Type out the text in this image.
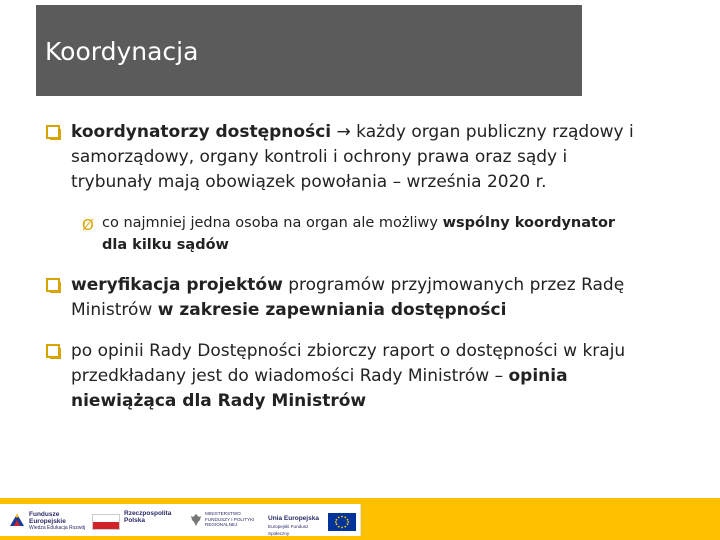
Koordynacja
koordynatorzy dostępności → każdy organ publiczny rządowy i
samorządowy, organy kontroli i ochrony prawa oraz sądy i
trybunały mają obowiązek powołania – września 2020 r.
Ø co najmniej jedna osoba na organ ale możliwy wspólny koordynator
dla kilku sądów
weryfikacja projektów programów przyjmowanych przez Radę
Ministrów w zakresie zapewniania dostępności
po opinii Rady Dostępności zbiorczy raport o dostępności w kraju
przedkładany jest do wiadomości Rady Ministrów – opinia
niewiążąca dla Rady Ministrów
Fundusze Europejskie
Wiedza Edukacja Rozwój
Rzeczpospolita Polska
MINISTERSTWO FUNDUSZY I POLITYKI REGIONALNEJ
Unia Europejska
Europejski Fundusz Społeczny
